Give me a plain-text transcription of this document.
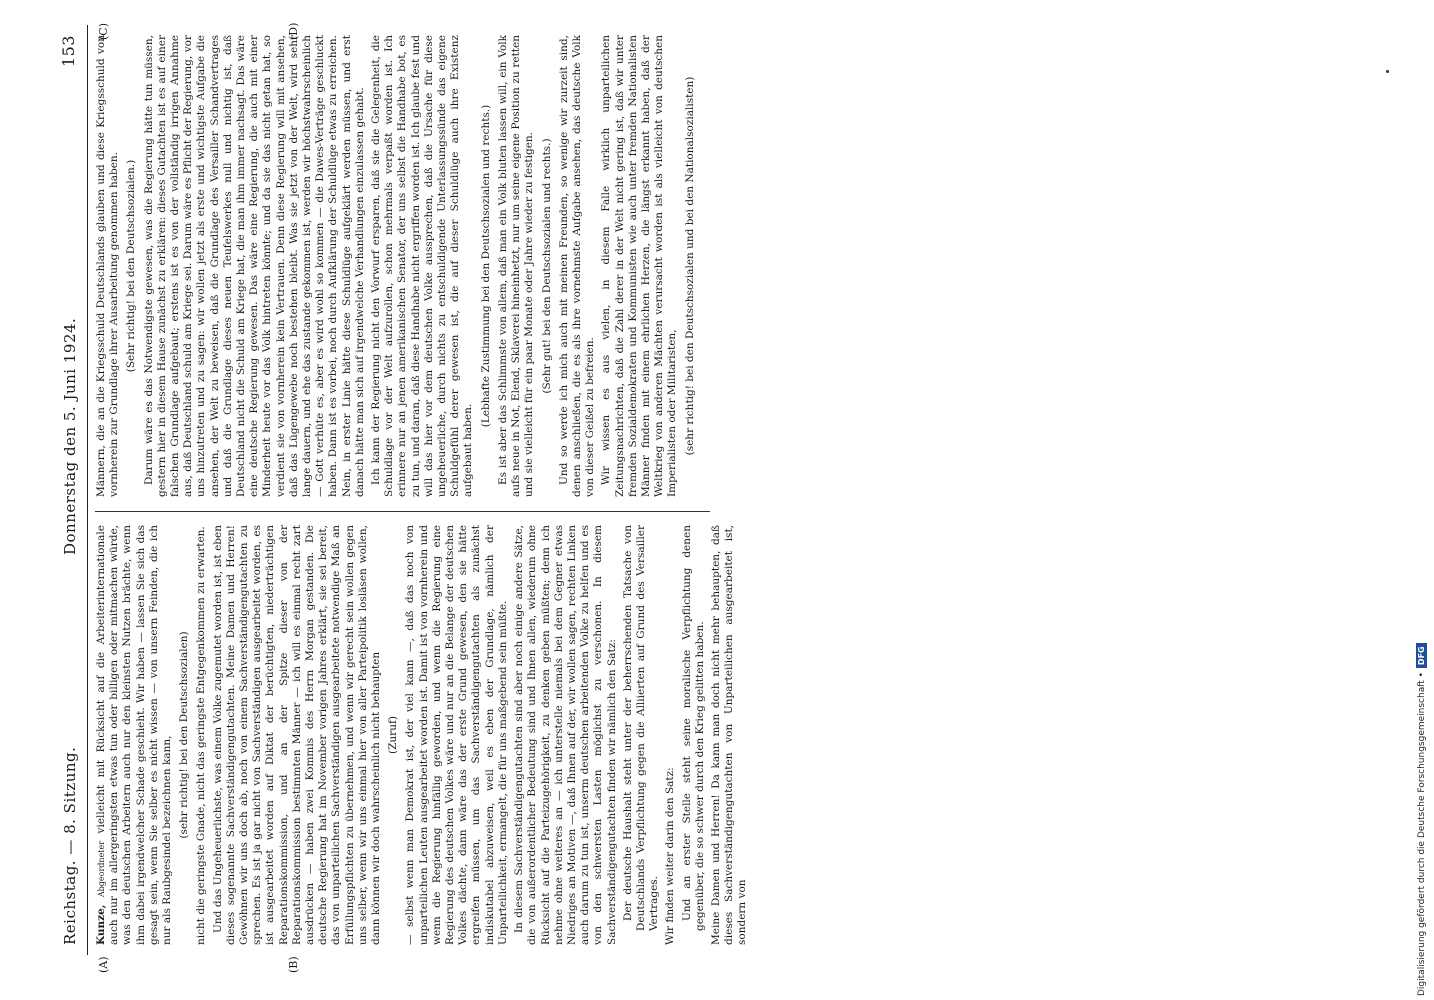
Reichstag. — 8. Sitzung.
Donnerstag den 5. Juni 1924.
153
(A)	(B)
(C)	(D)

Kunze, Abgeordneter vielleicht mit Rücksicht auf die Arbeiterinternationale auch nur im allergeringsten etwas tun oder billigen oder mitmachen würde, was den deutschen Arbeitern auch nur den kleinsten Nutzen brächte, wenn ihm dabei irgendwelcher Schade geschieht. Wir haben — lassen Sie sich das gesagt sein, wenn Sie selber es nicht wissen — von unsern Feinden, die ich nur als Raubgesindel bezeichnen kann,

(sehr richtig! bei den Deutschsozialen) nicht die geringste Gnade, nicht das geringste Entgegenkommen zu erwarten. Und das Ungeheuerlichste, was einem Volke zugemutet worden ist, ist eben dieses sogenannte Sachverständigengutachten. Meine Damen und Herren! Gewöhnen wir uns doch ab, noch von einem Sachverständigengutachten zu sprechen. Es ist ja gar nicht von Sachverständigen ausgearbeitet worden, es ist ausgearbeitet worden auf Diktat der berüchtigten, niederträchtigen Reparationskommission, und an der Spitze dieser von der Reparationskommission bestimmten Männer — ich will es einmal recht zart ausdrücken — haben zwei Kommis des Herrn Morgan gestanden. Die deutsche Regierung hat im November vorigen Jahres erklärt, sie sei bereit, das von unparteilichen Sachverständigen ausgearbeitete notwendige Maß an Erfüllungspflichten zu übernehmen, und wenn wir gerecht sein wollen gegen uns selber, wenn wir uns einmal hier von aller Parteipolitik losläsen wollen, dann können wir doch wahrscheinlich nicht behaupten (Zuruf) — selbst wenn man Demokrat ist, der viel kann —, daß das noch von unparteilichen Leuten ausgearbeitet worden ist. Damit ist von vornherein und wenn die Regierung hinfällig geworden, und wenn die Regierung eine Regierung des deutschen Volkes wäre und nur an die Belange der deutschen Volkes dächte, dann wäre das der erste Grund gewesen, den sie hätte ergreifen müssen, um das Sachverständigengutachten als zunächst indiskutabel abzuweisen, weil es eben der Grundlage, nämlich der Unparteilichkeit, ermangelt, die für uns maßgebend sein müßte. In diesem Sachverständigengutachten sind aber noch einige andere Sätze, die von außerordentlicher Bedeutung sind und Ihnen allen, wiederum ohne Rücksicht auf die Parteizugehörigkeit, zu denken geben müßten; denn ich nehme ohne weiteres an — ich unterstelle niemals bei dem Gegner etwas Niedriges an Motiven —, daß Ihnen auf der, wir wollen sagen, rechten Linken auch darum zu tun ist, unserm deutschen arbeitenden Volke zu helfen und es von den schwersten Lasten möglichst zu verschonen. In diesem Sachverständigengutachten finden wir nämlich den Satz: Der deutsche Haushalt steht unter der beherrschenden Tatsache von Deutschlands Verpflichtung gegen die Alliierten auf Grund des Versailler Vertrages. Wir finden weiter darin den Satz: Und an erster Stelle steht seine moralische Verpflichtung denen gegenüber, die so schwer durch den Krieg gelitten haben. Meine Damen und Herren! Da kann man doch nicht mehr behaupten, daß dieses Sachverständigengutachten von Unparteilichen ausgearbeitet ist, sondern von

Männern, die an die Kriegsschuld Deutschlands glauben und diese Kriegsschuld von vornherein zur Grundlage ihrer Ausarbeitung genommen haben. (Sehr richtig! bei den Deutschsozialen.) Darum wäre es das Notwendigste gewesen, was die Regierung hätte tun müssen, gestern hier in diesem Hause zunächst zu erklären: dieses Gutachten ist es auf einer falschen Grundlage aufgebaut; erstens ist es von der vollständig irrigen Annahme aus, daß Deutschland schuld am Kriege sei. Darum wäre es Pflicht der Regierung, vor uns hinzutreten und zu sagen: wir wollen jetzt als erste und wichtigste Aufgabe die ansehen, der Welt zu beweisen, daß die Grundlage des Versailler Schandvertrages und daß die Grundlage dieses neuen Teufelswerkes null und nichtig ist, daß Deutschland nicht die Schuld am Kriege hat, die man ihm immer nachsagt. Das wäre eine deutsche Regierung gewesen. Das wäre eine Regierung, die auch mit einer Minderheit heute vor das Volk hintreten könnte; und da sie das nicht getan hat, so verdient sie von vornherein kein Vertrauen. Denn diese Regierung will mit ansehen, daß das Lügengewebe noch bestehen bleibt. Was sie jetzt von der Welt, wird sehr lange dauern, und ehe das zustande gekommen ist, werden wir höchstwahrscheinlich — Gott verhüte es, aber es wird wohl so kommen — die Dawes-Verträge geschluckt haben. Dann ist es vorbei, noch durch Aufklärung der Schuldlüge etwas zu erreichen. Nein, in erster Linie hätte diese Schuldlüge aufgeklärt werden müssen, und erst danach hätte man sich auf irgendwelche Verhandlungen einzulassen gehabt. Ich kann der Regierung nicht den Vorwurf ersparen, daß sie die Gelegenheit, die Schuldlage vor der Welt aufzurollen, schon mehrmals verpaßt worden ist. Ich erinnere nur an jenen amerikanischen Senator, der uns selbst die Handhabe bot, es zu tun, und daran, daß diese Handhabe nicht ergriffen worden ist. Ich glaube fest und will das hier vor dem deutschen Volke aussprechen, daß die Ursache für diese ungeheuerliche, durch nichts zu entschuldigende Unterlassungssünde das eigene Schuldgefühl derer gewesen ist, die auf dieser Schuldlüge auch ihre Existenz aufgebaut haben.

(Lebhafte Zustimmung bei den Deutschsozialen und rechts.) Es ist aber das Schlimmste von allem, daß man ein Volk bluten lassen will, ein Volk aufs neue in Not, Elend, Sklaverei hineinhetzt, nur um seine eigene Position zu retten und sie vielleicht für ein paar Monate oder Jahre wieder zu festigen. (Sehr gut! bei den Deutschsozialen und rechts.) Und so werde ich mich auch mit meinen Freunden, so wenige wir zurzeit sind, denen anschließen, die es als ihre vornehmste Aufgabe ansehen, das deutsche Volk von dieser Geißel zu befreien. Wir wissen es aus vielen, in diesem Falle wirklich unparteilichen Zeitungsnachrichten, daß die Zahl derer in der Welt nicht gering ist, daß wir unter fremden Sozialdemokraten und Kommunisten wie auch unter fremden Nationalisten Männer finden mit einem ehrlichen Herzen, die längst erkannt haben, daß der Weltkrieg von anderen Mächten verursacht worden ist als vielleicht von deutschen Imperialisten oder Militaristen, (sehr richtig! bei den Deutschsozialen und bei den Nationalsozialisten)

Digitalisierung gefördert durch die Deutsche Forschungsgemeinschaft •
DFG
